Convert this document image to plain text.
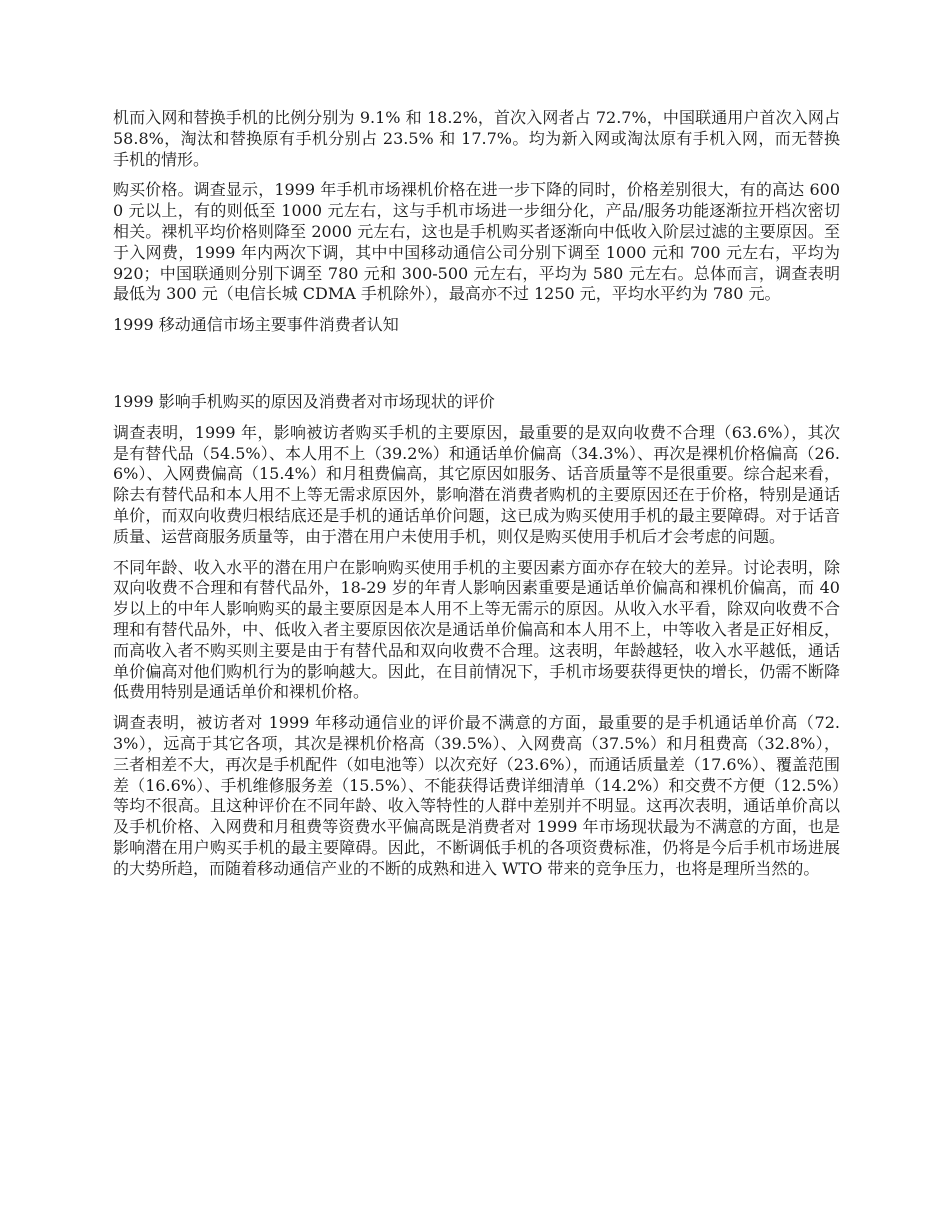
机而入网和替换手机的比例分别为 9.1% 和 18.2%，首次入网者占 72.7%，中国联通用户首次入网占 58.8%，淘汰和替换原有手机分别占 23.5% 和 17.7%。均为新入网或淘汰原有手机入网，而无替换手机的情形。

购买价格。调查显示，1999 年手机市场裸机价格在进一步下降的同时，价格差别很大，有的高达 6000 元以上，有的则低至 1000 元左右，这与手机市场进一步细分化，产品/服务功能逐渐拉开档次密切相关。裸机平均价格则降至 2000 元左右，这也是手机购买者逐渐向中低收入阶层过滤的主要原因。至于入网费，1999 年内两次下调，其中中国移动通信公司分别下调至 1000 元和 700 元左右，平均为 920；中国联通则分别下调至 780 元和 300-500 元左右，平均为 580 元左右。总体而言，调查表明最低为 300 元（电信长城 CDMA 手机除外），最高亦不过 1250 元，平均水平约为 780 元。

1999 移动通信市场主要事件消费者认知

1999 影响手机购买的原因及消费者对市场现状的评价

调查表明，1999 年，影响被访者购买手机的主要原因，最重要的是双向收费不合理（63.6%），其次是有替代品（54.5%）、本人用不上（39.2%）和通话单价偏高（34.3%）、再次是裸机价格偏高（26.6%）、入网费偏高（15.4%）和月租费偏高，其它原因如服务、话音质量等不是很重要。综合起来看，除去有替代品和本人用不上等无需求原因外，影响潜在消费者购机的主要原因还在于价格，特别是通话单价，而双向收费归根结底还是手机的通话单价问题，这已成为购买使用手机的最主要障碍。对于话音质量、运营商服务质量等，由于潜在用户未使用手机，则仅是购买使用手机后才会考虑的问题。

不同年龄、收入水平的潜在用户在影响购买使用手机的主要因素方面亦存在较大的差异。讨论表明，除双向收费不合理和有替代品外，18-29 岁的年青人影响因素重要是通话单价偏高和裸机价偏高，而 40 岁以上的中年人影响购买的最主要原因是本人用不上等无需示的原因。从收入水平看，除双向收费不合理和有替代品外，中、低收入者主要原因依次是通话单价偏高和本人用不上，中等收入者是正好相反，而高收入者不购买则主要是由于有替代品和双向收费不合理。这表明，年龄越轻，收入水平越低，通话单价偏高对他们购机行为的影响越大。因此，在目前情况下，手机市场要获得更快的增长，仍需不断降低费用特别是通话单价和裸机价格。

调查表明，被访者对 1999 年移动通信业的评价最不满意的方面，最重要的是手机通话单价高（72.3%），远高于其它各项，其次是裸机价格高（39.5%）、入网费高（37.5%）和月租费高（32.8%），三者相差不大，再次是手机配件（如电池等）以次充好（23.6%），而通话质量差（17.6%）、覆盖范围差（16.6%）、手机维修服务差（15.5%）、不能获得话费详细清单（14.2%）和交费不方便（12.5%）等均不很高。且这种评价在不同年龄、收入等特性的人群中差别并不明显。这再次表明，通话单价高以及手机价格、入网费和月租费等资费水平偏高既是消费者对 1999 年市场现状最为不满意的方面，也是影响潜在用户购买手机的最主要障碍。因此，不断调低手机的各项资费标准，仍将是今后手机市场进展的大势所趋，而随着移动通信产业的不断的成熟和进入 WTO 带来的竞争压力，也将是理所当然的。
